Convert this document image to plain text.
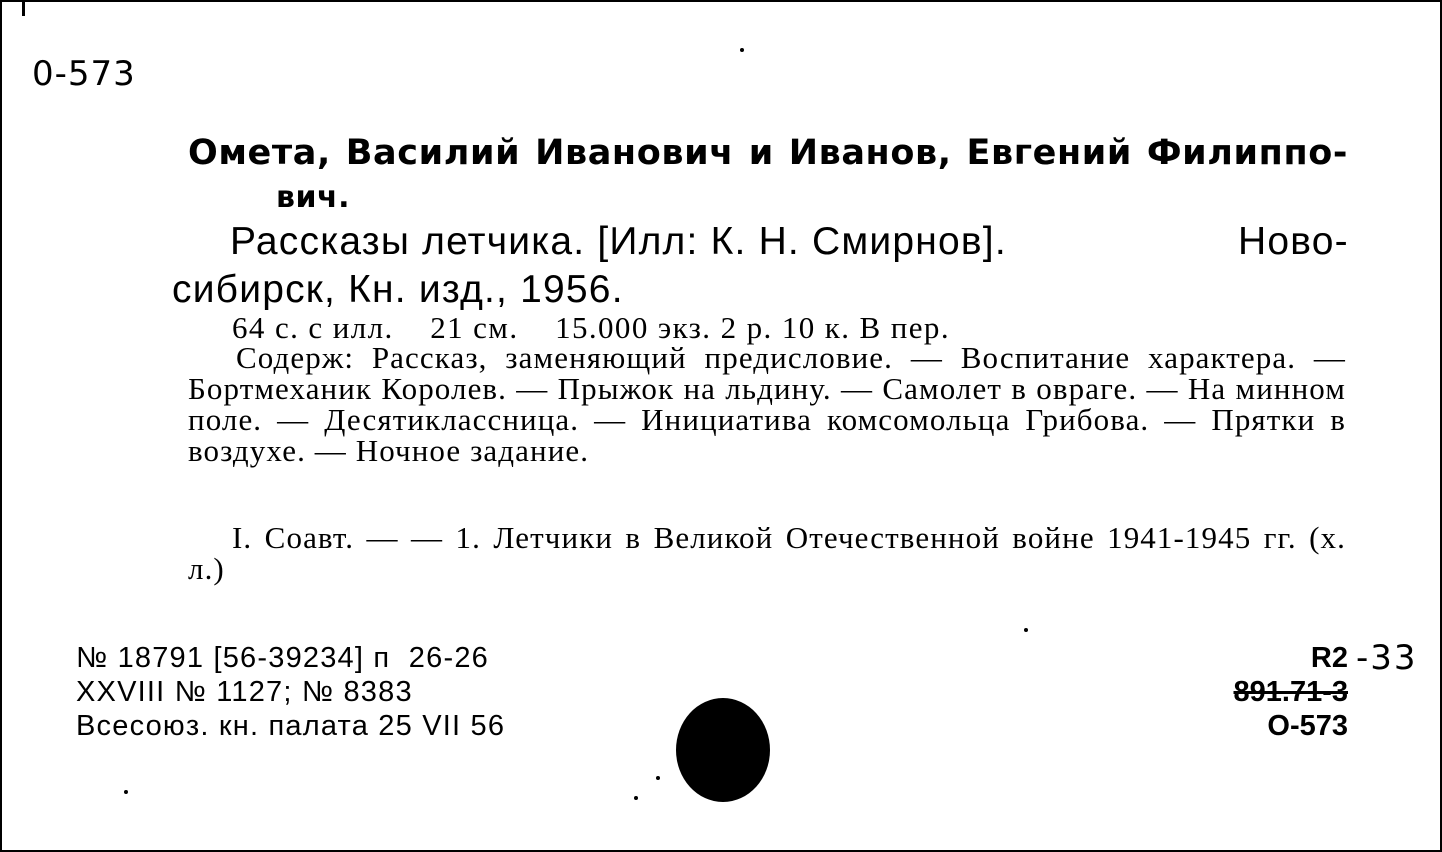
0-573
Омета, Василий Иванович и Иванов, Евгений Филиппо-
вич.
Рассказы летчика. [Илл: К. Н. Смирнов].	Ново-
сибирск, Кн. изд., 1956.
64 с. с илл.    21 см.    15.000 экз. 2 р. 10 к. В пер.
Содерж: Рассказ, заменяющий предисловие. — Воспитание характера. — Бортмеханик Королев. — Прыжок на льдину. — Самолет в овраге. — На минном поле. — Десятиклассница. — Инициатива комсомольца Грибова. — Прятки в воздухе. — Ночное задание.
I. Соавт. — — 1. Летчики в Великой Отечественной войне 1941-1945 гг. (х. л.)
№ 18791 [56-39234] п  26-26
XXVIII № 1127; № 8383
Всесоюз. кн. палата 25 VII 56
R2
891.71-3
О-573
-33
